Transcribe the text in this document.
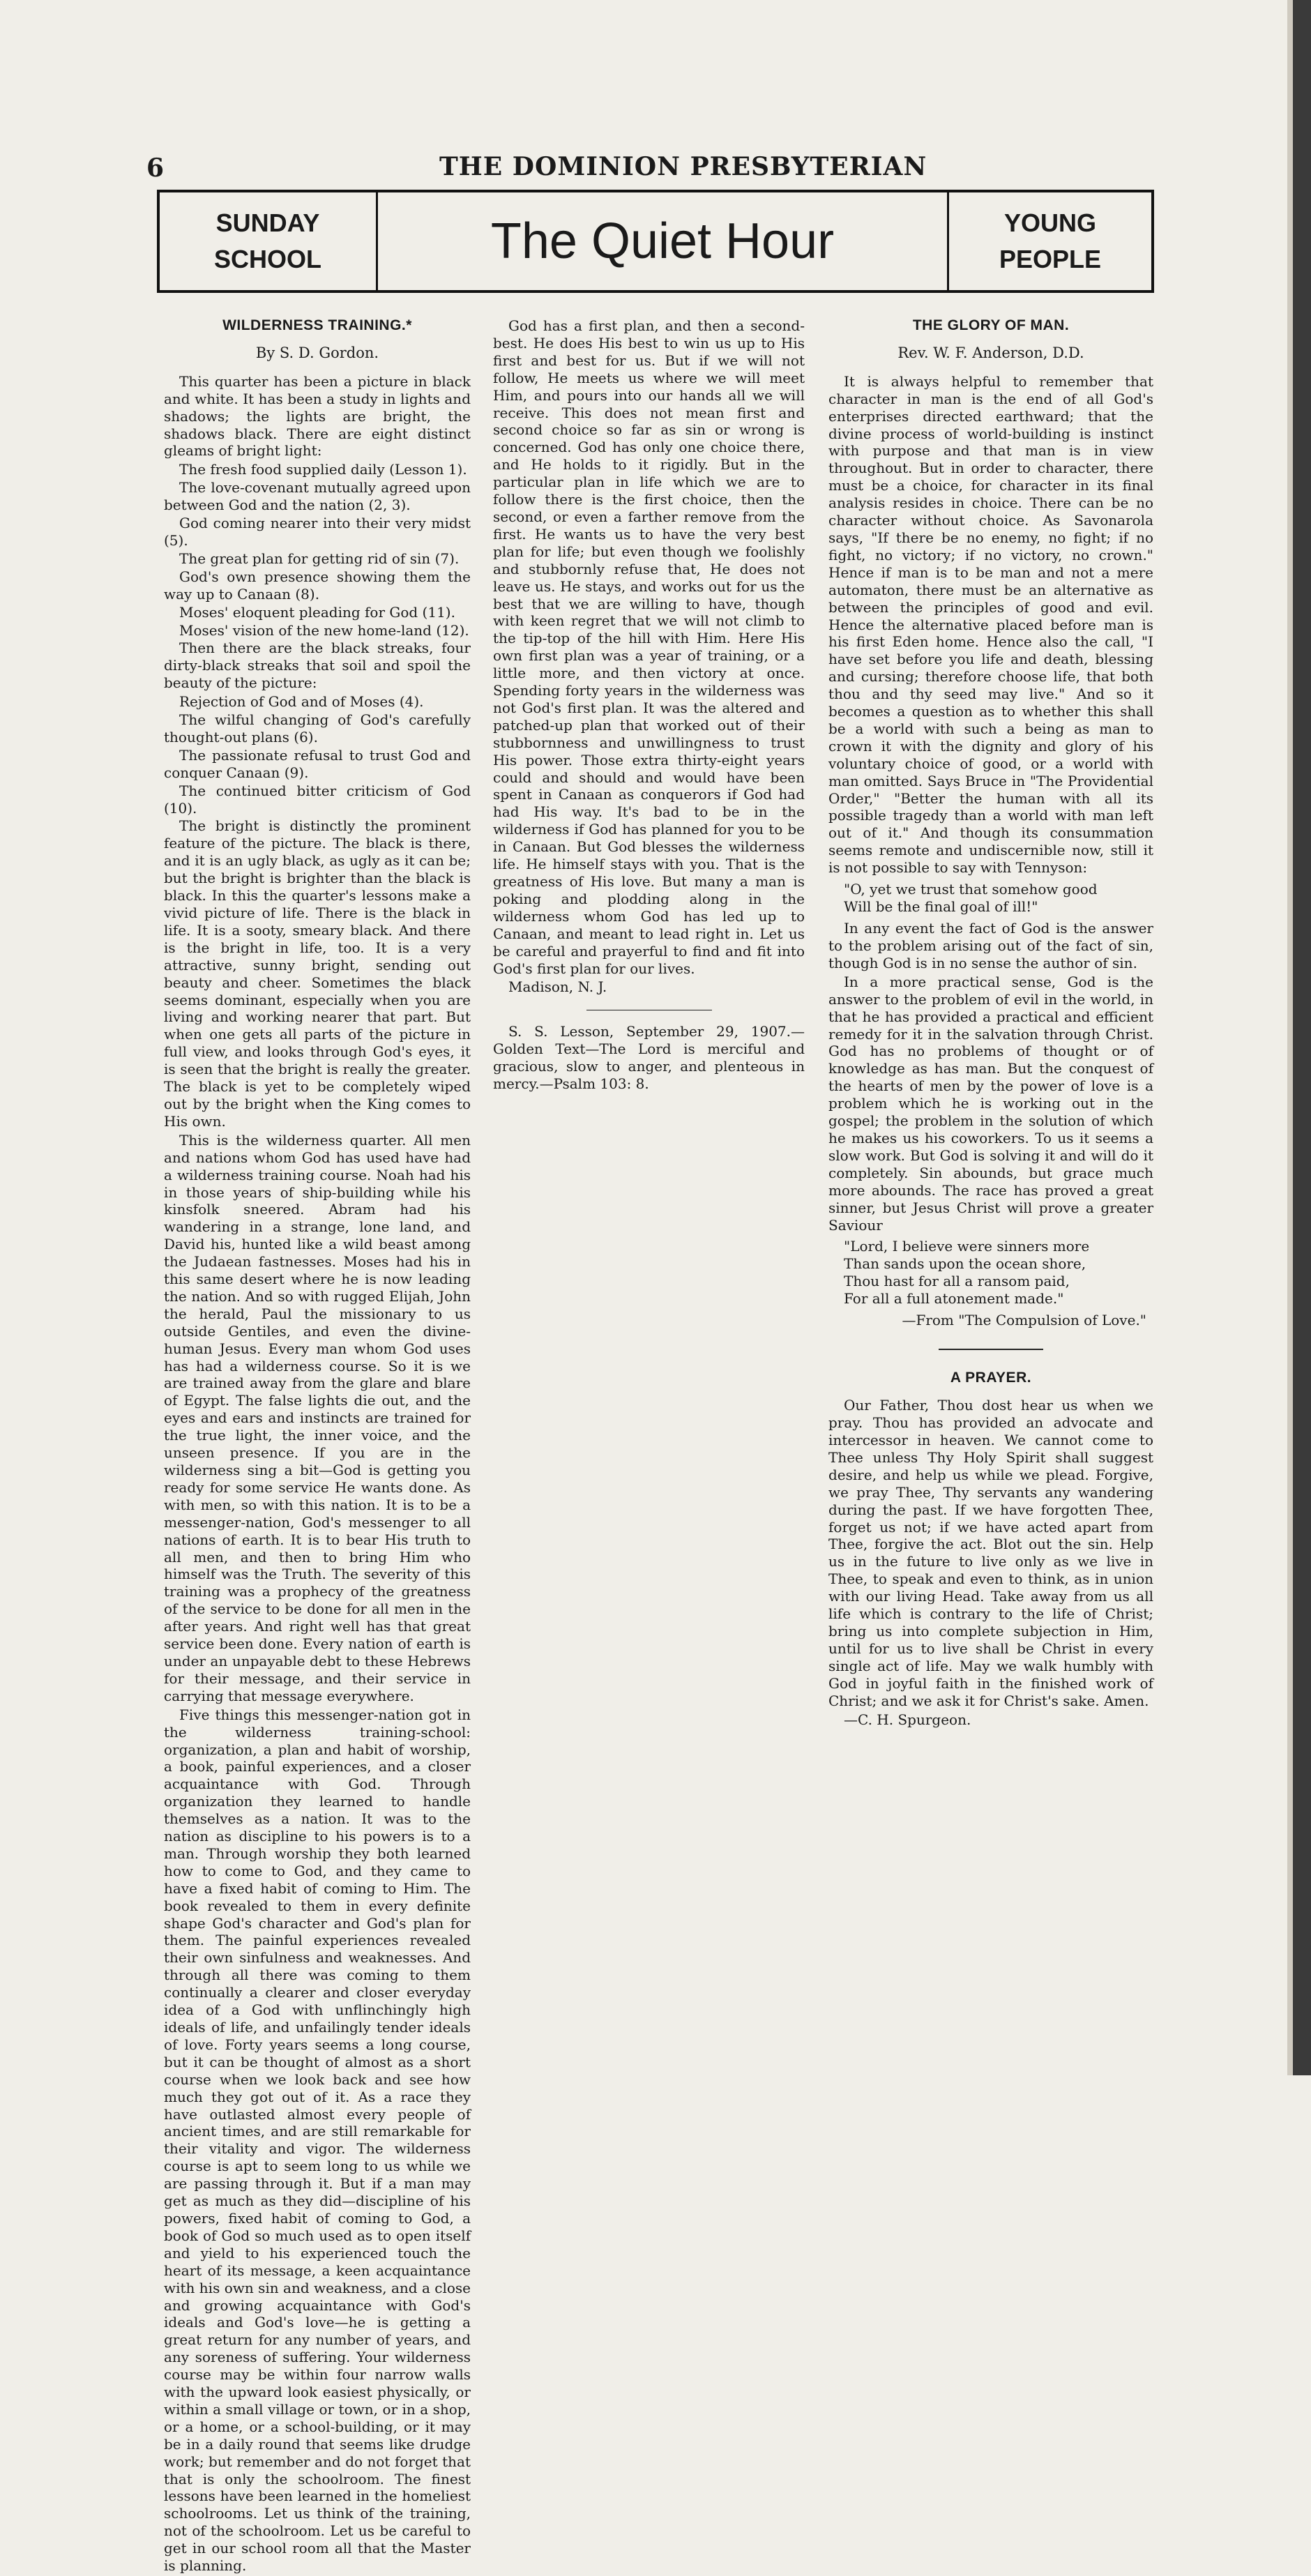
6	THE DOMINION PRESBYTERIAN
SUNDAY
SCHOOL	The Quiet Hour	YOUNG
PEOPLE
WILDERNESS TRAINING.*
By S. D. Gordon.

This quarter has been a picture in black and white. It has been a study in lights and shadows; the lights are bright, the shadows black. There are eight distinct gleams of bright light:

The fresh food supplied daily (Lesson 1).

The love-covenant mutually agreed upon between God and the nation (2, 3).

God coming nearer into their very midst (5).

The great plan for getting rid of sin (7).

God's own presence showing them the way up to Canaan (8).

Moses' eloquent pleading for God (11).

Moses' vision of the new home-land (12).

Then there are the black streaks, four dirty-black streaks that soil and spoil the beauty of the picture:

Rejection of God and of Moses (4).

The wilful changing of God's carefully thought-out plans (6).

The passionate refusal to trust God and conquer Canaan (9).

The continued bitter criticism of God (10).

The bright is distinctly the prominent feature of the picture. The black is there, and it is an ugly black, as ugly as it can be; but the bright is brighter than the black is black. In this the quarter's lessons make a vivid picture of life. There is the black in life. It is a sooty, smeary black. And there is the bright in life, too. It is a very attractive, sunny bright, sending out beauty and cheer. Sometimes the black seems dominant, especially when you are living and working nearer that part. But when one gets all parts of the picture in full view, and looks through God's eyes, it is seen that the bright is really the greater. The black is yet to be completely wiped out by the bright when the King comes to His own.

This is the wilderness quarter. All men and nations whom God has used have had a wilderness training course. Noah had his in those years of ship-building while his kinsfolk sneered. Abram had his wandering in a strange, lone land, and David his, hunted like a wild beast among the Judaean fastnesses. Moses had his in this same desert where he is now leading the nation. And so with rugged Elijah, John the herald, Paul the missionary to us outside Gentiles, and even the divine-human Jesus. Every man whom God uses has had a wilderness course. So it is we are trained away from the glare and blare of Egypt. The false lights die out, and the eyes and ears and instincts are trained for the true light, the inner voice, and the unseen presence. If you are in the wilderness sing a bit—God is getting you ready for some service He wants done. As with men, so with this nation. It is to be a messenger-nation, God's messenger to all nations of earth. It is to bear His truth to all men, and then to bring Him who himself was the Truth. The severity of this training was a prophecy of the greatness of the service to be done for all men in the after years. And right well has that great service been done. Every nation of earth is under an unpayable debt to these Hebrews for their message, and their service in carrying that message everywhere.

Five things this messenger-nation got in the wilderness training-school: organization, a plan and habit of worship, a book, painful experiences, and a closer acquaintance with God. Through organization they learned to handle themselves as a nation. It was to the nation as discipline to his powers is to a man. Through worship they both learned how to come to God, and they came to have a fixed habit of coming to Him. The book revealed to them in every definite shape God's character and God's plan for them. The painful experiences revealed their own sinfulness and weaknesses. And through all there was coming to them continually a clearer and closer everyday idea of a God with unflinchingly high ideals of life, and unfailingly tender ideals of love. Forty years seems a long course, but it can be thought of almost as a short course when we look back and see how much they got out of it. As a race they have outlasted almost every people of ancient times, and are still remarkable for their vitality and vigor. The wilderness course is apt to seem long to us while we are passing through it. But if a man may get as much as they did—discipline of his powers, fixed habit of coming to God, a book of God so much used as to open itself and yield to his experienced touch the heart of its message, a keen acquaintance with his own sin and weakness, and a close and growing acquaintance with God's ideals and God's love—he is getting a great return for any number of years, and any soreness of suffering. Your wilderness course may be within four narrow walls with the upward look easiest physically, or within a small village or town, or in a shop, or a home, or a school-building, or it may be in a daily round that seems like drudge work; but remember and do not forget that that is only the schoolroom. The finest lessons have been learned in the homeliest schoolrooms. Let us think of the training, not of the schoolroom. Let us be careful to get in our school room all that the Master is planning.

God has a first plan, and then a second-best. He does His best to win us up to His first and best for us. But if we will not follow, He meets us where we will meet Him, and pours into our hands all we will receive. This does not mean first and second choice so far as sin or wrong is concerned. God has only one choice there, and He holds to it rigidly. But in the particular plan in life which we are to follow there is the first choice, then the second, or even a farther remove from the first. He wants us to have the very best plan for life; but even though we foolishly and stubbornly refuse that, He does not leave us. He stays, and works out for us the best that we are willing to have, though with keen regret that we will not climb to the tip-top of the hill with Him. Here His own first plan was a year of training, or a little more, and then victory at once. Spending forty years in the wilderness was not God's first plan. It was the altered and patched-up plan that worked out of their stubbornness and unwillingness to trust His power. Those extra thirty-eight years could and should and would have been spent in Canaan as conquerors if God had had His way. It's bad to be in the wilderness if God has planned for you to be in Canaan. But God blesses the wilderness life. He himself stays with you. That is the greatness of His love. But many a man is poking and plodding along in the wilderness whom God has led up to Canaan, and meant to lead right in. Let us be careful and prayerful to find and fit into God's first plan for our lives.

Madison, N. J.

S. S. Lesson, September 29, 1907.—Golden Text—The Lord is merciful and gracious, slow to anger, and plenteous in mercy.—Psalm 103: 8.

THE GLORY OF MAN.
Rev. W. F. Anderson, D.D.

It is always helpful to remember that character in man is the end of all God's enterprises directed earthward; that the divine process of world-building is instinct with purpose and that man is in view throughout. But in order to character, there must be a choice, for character in its final analysis resides in choice. There can be no character without choice. As Savonarola says, "If there be no enemy, no fight; if no fight, no victory; if no victory, no crown." Hence if man is to be man and not a mere automaton, there must be an alternative as between the principles of good and evil. Hence the alternative placed before man is his first Eden home. Hence also the call, "I have set before you life and death, blessing and cursing; therefore choose life, that both thou and thy seed may live." And so it becomes a question as to whether this shall be a world with such a being as man to crown it with the dignity and glory of his voluntary choice of good, or a world with man omitted. Says Bruce in "The Providential Order," "Better the human with all its possible tragedy than a world with man left out of it." And though its consummation seems remote and undiscernible now, still it is not possible to say with Tennyson:

"O, yet we trust that somehow good
Will be the final goal of ill!"

In any event the fact of God is the answer to the problem arising out of the fact of sin, though God is in no sense the author of sin.

In a more practical sense, God is the answer to the problem of evil in the world, in that he has provided a practical and efficient remedy for it in the salvation through Christ. God has no problems of thought or of knowledge as has man. But the conquest of the hearts of men by the power of love is a problem which he is working out in the gospel; the problem in the solution of which he makes us his coworkers. To us it seems a slow work. But God is solving it and will do it completely. Sin abounds, but grace much more abounds. The race has proved a great sinner, but Jesus Christ will prove a greater Saviour

"Lord, I believe were sinners more
Than sands upon the ocean shore,
Thou hast for all a ransom paid,
For all a full atonement made."
—From "The Compulsion of Love."
A PRAYER.

Our Father, Thou dost hear us when we pray. Thou has provided an advocate and intercessor in heaven. We cannot come to Thee unless Thy Holy Spirit shall suggest desire, and help us while we plead. Forgive, we pray Thee, Thy servants any wandering during the past. If we have forgotten Thee, forget us not; if we have acted apart from Thee, forgive the act. Blot out the sin. Help us in the future to live only as we live in Thee, to speak and even to think, as in union with our living Head. Take away from us all life which is contrary to the life of Christ; bring us into complete subjection in Him, until for us to live shall be Christ in every single act of life. May we walk humbly with God in joyful faith in the finished work of Christ; and we ask it for Christ's sake. Amen.

—C. H. Spurgeon.
